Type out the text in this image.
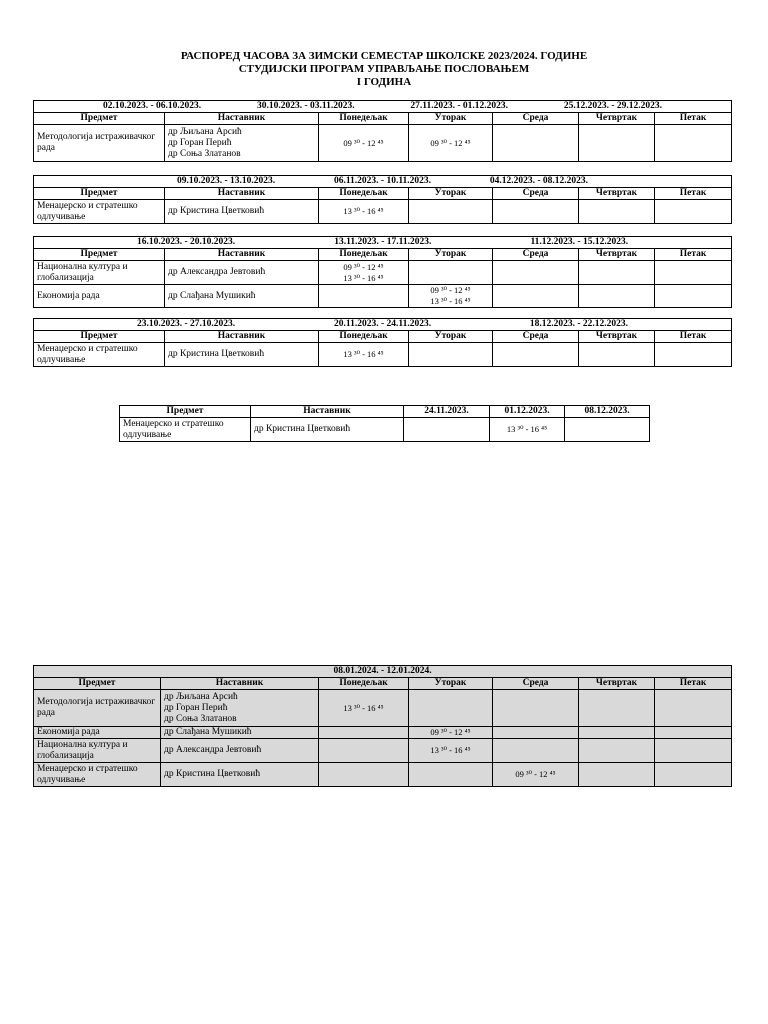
РАСПОРЕД ЧАСОВА ЗА ЗИМСКИ СЕМЕСТАР ШКОЛСКЕ 2023/2024. ГОДИНЕ
СТУДИЈСКИ ПРОГРАМ УПРАВЉАЊЕ ПОСЛОВАЊЕМ
I ГОДИНА
02.10.2023. - 06.10.2023. 30.10.2023. - 03.11.2023. 27.11.2023. - 01.12.2023. 25.12.2023. - 29.12.2023.						

Предмет	Наставник	Понедељак	Уторак	Среда	Четвртак	Петак
Методологија истраживачког рада	др Љиљана Арсић
др Горан Перић
др Соња Златанов	09 ³⁰ - 12 ⁴⁵	09 ³⁰ - 12 ⁴⁵			
09.10.2023. - 13.10.2023. 06.11.2023. - 10.11.2023. 04.12.2023. - 08.12.2023.						

Предмет	Наставник	Понедељак	Уторак	Среда	Четвртак	Петак
Менаџерско и стратешко одлучивање	др Кристина Цветковић	13 ³⁰ - 16 ⁴⁵				
16.10.2023. - 20.10.2023. 13.11.2023. - 17.11.2023. 11.12.2023. - 15.12.2023.						

Предмет	Наставник	Понедељак	Уторак	Среда	Четвртак	Петак
Национална култура и глобализација	др Александра Јевтовић	09 ³⁰ - 12 ⁴⁵
13 ³⁰ - 16 ⁴⁵				

Економија рада	др Слађана Мушикић		09 ³⁰ - 12 ⁴⁵
13 ³⁰ - 16 ⁴⁵			

23.10.2023. - 27.10.2023. 20.11.2023. - 24.11.2023. 18.12.2023. - 22.12.2023.						

Предмет	Наставник	Понедељак	Уторак	Среда	Четвртак	Петак
Менаџерско и стратешко одлучивање	др Кристина Цветковић	13 ³⁰ - 16 ⁴⁵				
Предмет	Наставник	24.11.2023.	01.12.2023.	08.12.2023.
Менаџерско и стратешко одлучивање	др Кристина Цветковић		13 ³⁰ - 16 ⁴⁵	
08.01.2024. - 12.01.2024.						
Предмет	Наставник	Понедељак	Уторак	Среда	Четвртак	Петак
Методологија истраживачког рада	др Љиљана Арсић
др Горан Перић
др Соња Златанов	13 ³⁰ - 16 ⁴⁵				
Економија рада	др Слађана Мушикић		09 ³⁰ - 12 ⁴⁵			
Национална култура и глобализација	др Александра Јевтовић		13 ³⁰ - 16 ⁴⁵			
Менаџерско и стратешко одлучивање	др Кристина Цветковић			09 ³⁰ - 12 ⁴⁵		
